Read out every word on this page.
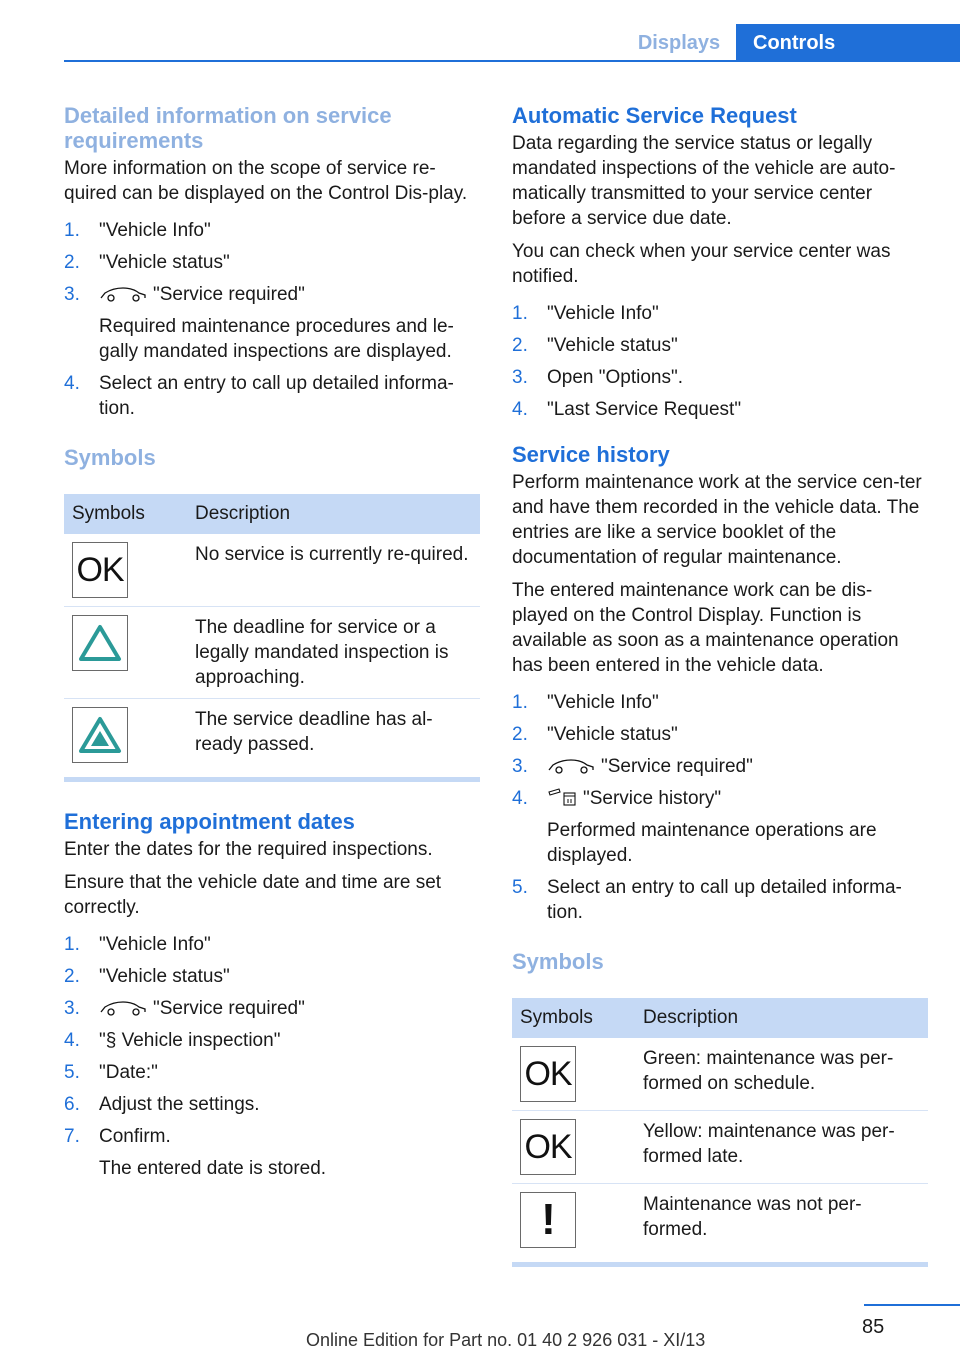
Displays	Controls
Detailed information on service requirements

More information on the scope of service re-quired can be displayed on the Control Dis-play.

1. "Vehicle Info"
2. "Vehicle status"
3.	"Service required"
Required maintenance procedures and le-gally mandated inspections are displayed.
4. Select an entry to call up detailed informa-tion.
Symbols
Symbols	Description

OK	No service is currently re-quired.

	The deadline for service or a legally mandated inspection is approaching.

	The service deadline has al-ready passed.
Entering appointment dates

Enter the dates for the required inspections.

Ensure that the vehicle date and time are set correctly.

1. "Vehicle Info"
2. "Vehicle status"
3.	"Service required"
4. "§ Vehicle inspection"
5. "Date:"
6. Adjust the settings.
7. Confirm.
The entered date is stored.
Automatic Service Request

Data regarding the service status or legally mandated inspections of the vehicle are auto-matically transmitted to your service center before a service due date.

You can check when your service center was notified.

1. "Vehicle Info"
2. "Vehicle status"
3. Open "Options".
4. "Last Service Request"
Service history

Perform maintenance work at the service cen-ter and have them recorded in the vehicle data. The entries are like a service booklet of the documentation of regular maintenance.

The entered maintenance work can be dis-played on the Control Display. Function is available as soon as a maintenance operation has been entered in the vehicle data.

1. "Vehicle Info"
2. "Vehicle status"
3.	"Service required"
4.	"Service history"
Performed maintenance operations are displayed.
5. Select an entry to call up detailed informa-tion.
Symbols
Symbols	Description

OK	Green: maintenance was per-formed on schedule.

OK	Yellow: maintenance was per-formed late.

!	Maintenance was not per-formed.
85
Online Edition for Part no. 01 40 2 926 031 - XI/13
